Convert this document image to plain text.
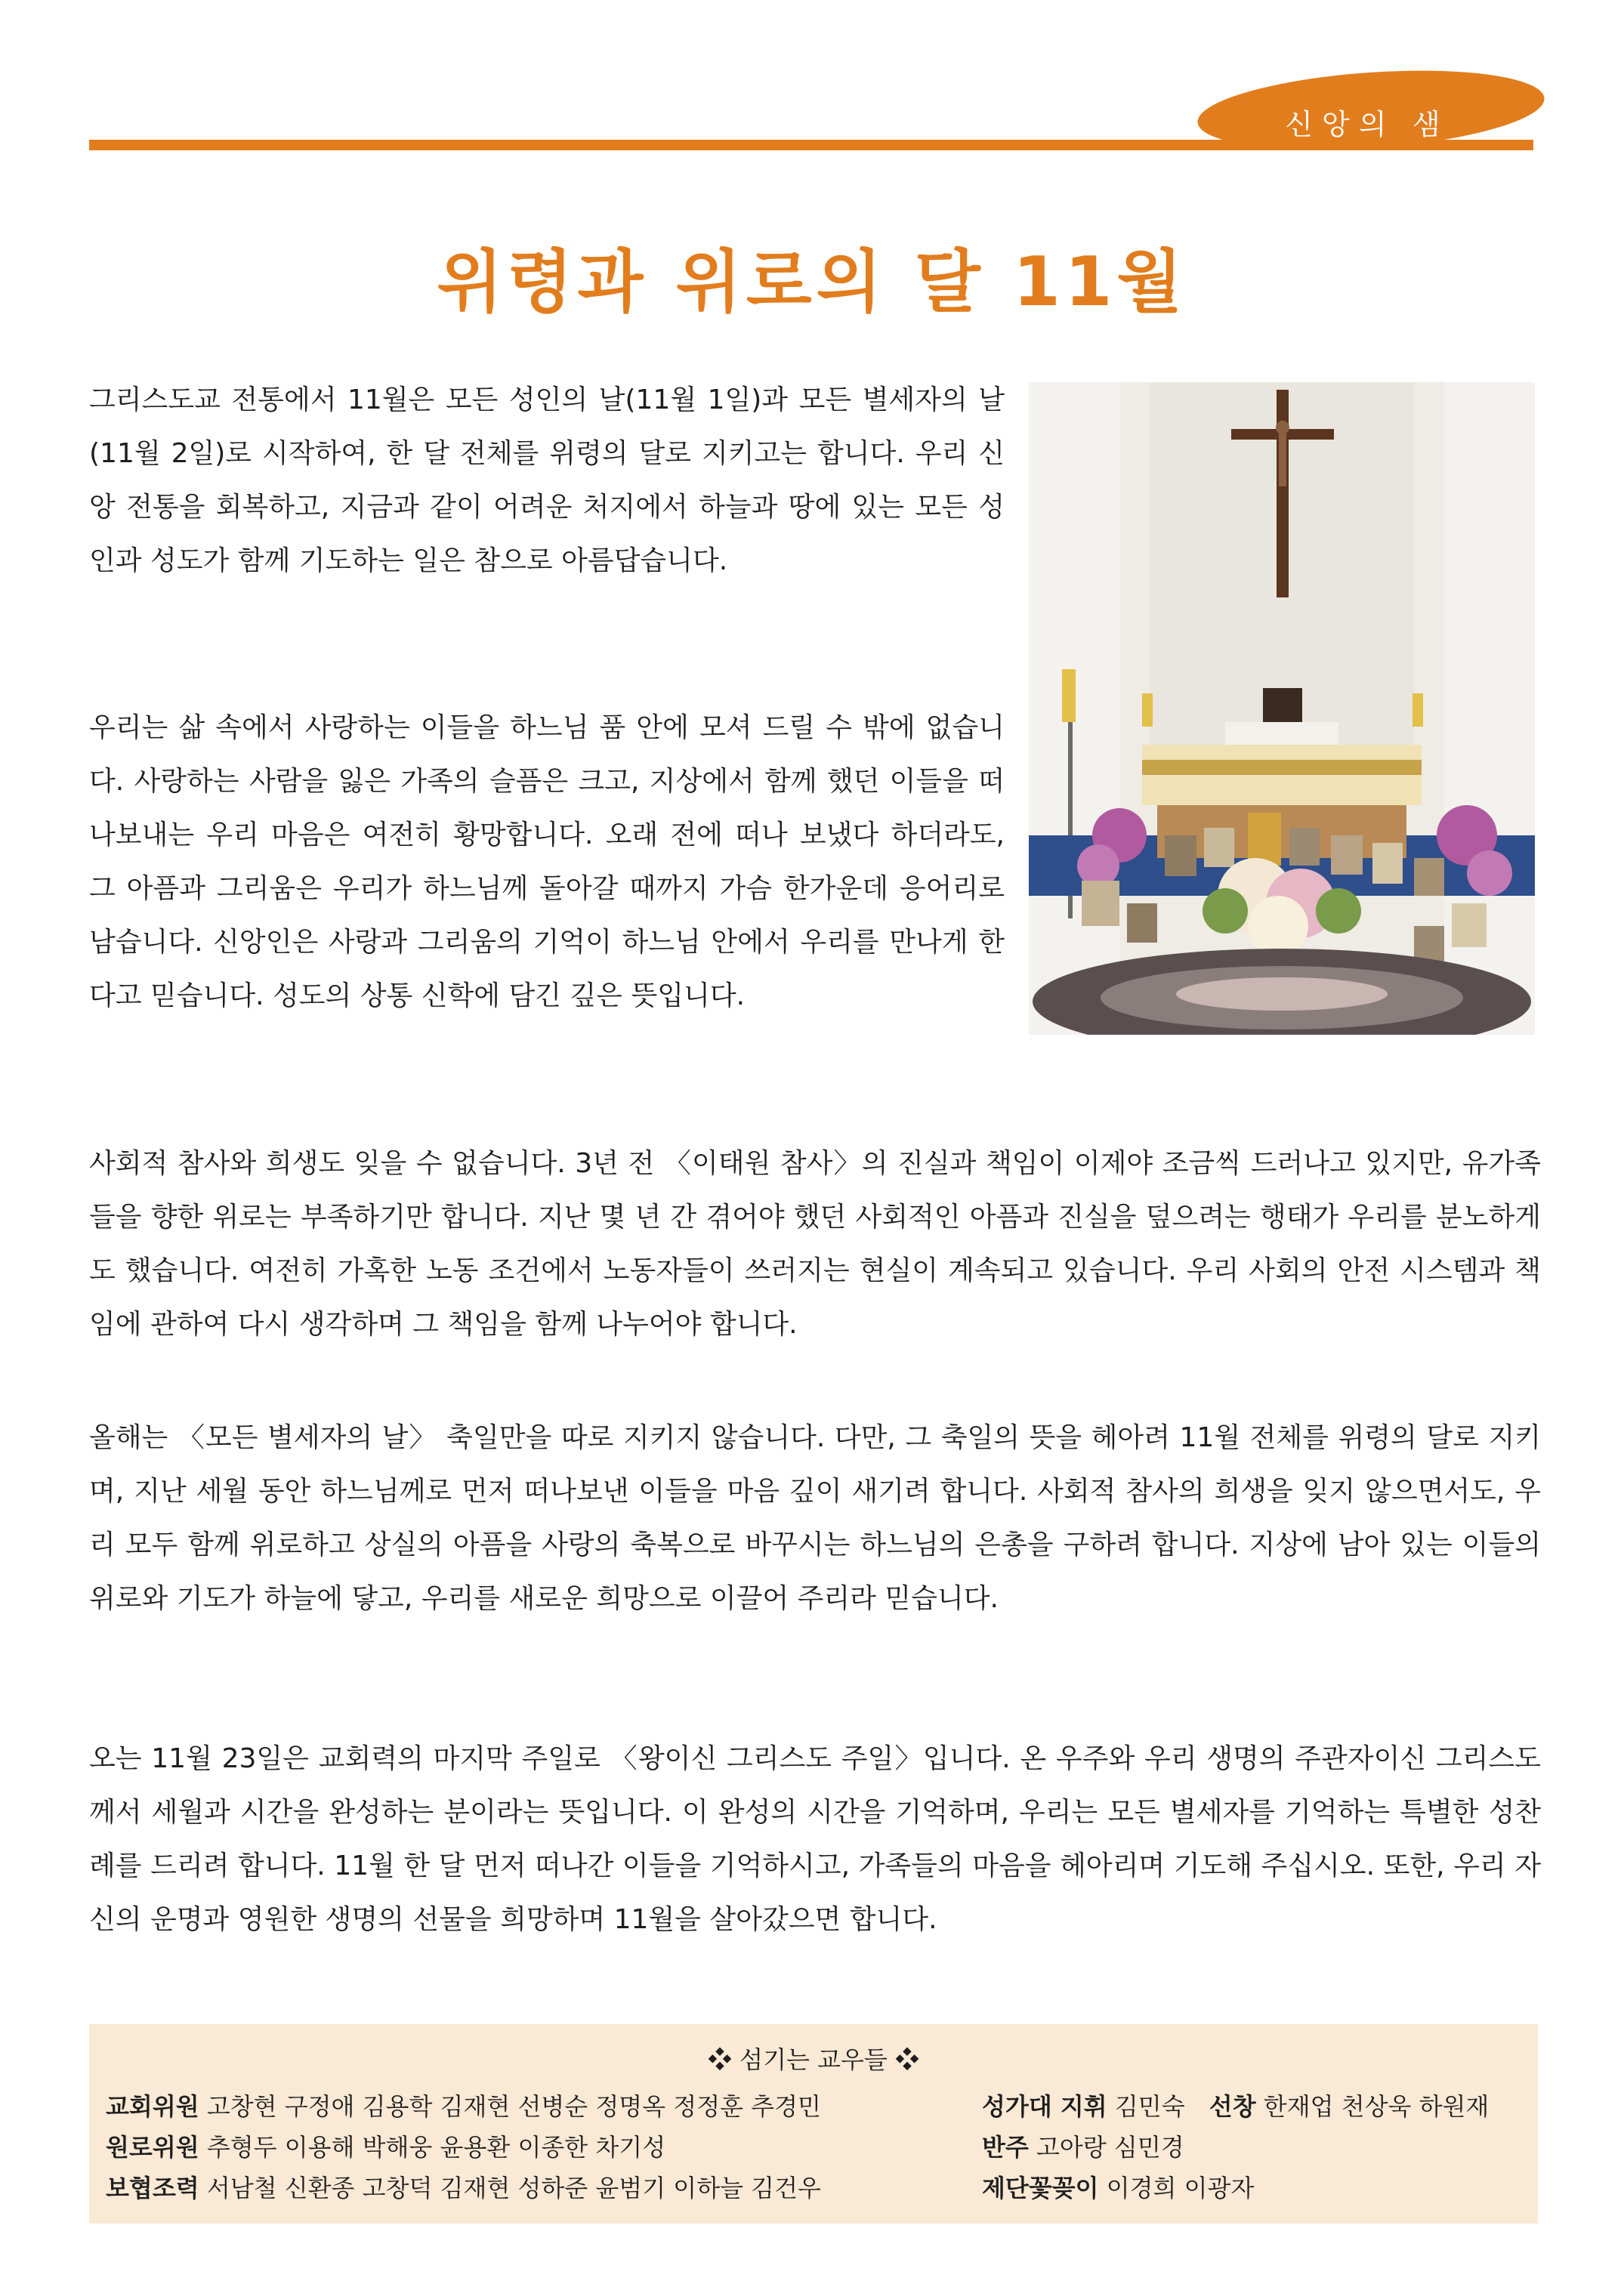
신앙의 샘
위령과 위로의 달 11월

그리스도교 전통에서 11월은 모든 성인의 날(11월 1일)과 모든 별세자의 날(11월 2일)로 시작하여, 한 달 전체를 위령의 달로 지키고는 합니다. 우리 신앙 전통을 회복하고, 지금과 같이 어려운 처지에서 하늘과 땅에 있는 모든 성인과 성도가 함께 기도하는 일은 참으로 아름답습니다.

우리는 삶 속에서 사랑하는 이들을 하느님 품 안에 모셔 드릴 수 밖에 없습니다. 사랑하는 사람을 잃은 가족의 슬픔은 크고, 지상에서 함께 했던 이들을 떠나보내는 우리 마음은 여전히 황망합니다. 오래 전에 떠나 보냈다 하더라도, 그 아픔과 그리움은 우리가 하느님께 돌아갈 때까지 가슴 한가운데 응어리로 남습니다. 신앙인은 사랑과 그리움의 기억이 하느님 안에서 우리를 만나게 한다고 믿습니다. 성도의 상통 신학에 담긴 깊은 뜻입니다.

사회적 참사와 희생도 잊을 수 없습니다. 3년 전 〈이태원 참사〉의 진실과 책임이 이제야 조금씩 드러나고 있지만, 유가족들을 향한 위로는 부족하기만 합니다. 지난 몇 년 간 겪어야 했던 사회적인 아픔과 진실을 덮으려는 행태가 우리를 분노하게도 했습니다. 여전히 가혹한 노동 조건에서 노동자들이 쓰러지는 현실이 계속되고 있습니다. 우리 사회의 안전 시스템과 책임에 관하여 다시 생각하며 그 책임을 함께 나누어야 합니다.

올해는 〈모든 별세자의 날〉 축일만을 따로 지키지 않습니다. 다만, 그 축일의 뜻을 헤아려 11월 전체를 위령의 달로 지키며, 지난 세월 동안 하느님께로 먼저 떠나보낸 이들을 마음 깊이 새기려 합니다. 사회적 참사의 희생을 잊지 않으면서도, 우리 모두 함께 위로하고 상실의 아픔을 사랑의 축복으로 바꾸시는 하느님의 은총을 구하려 합니다. 지상에 남아 있는 이들의 위로와 기도가 하늘에 닿고, 우리를 새로운 희망으로 이끌어 주리라 믿습니다.

오는 11월 23일은 교회력의 마지막 주일로 〈왕이신 그리스도 주일〉입니다. 온 우주와 우리 생명의 주관자이신 그리스도께서 세월과 시간을 완성하는 분이라는 뜻입니다. 이 완성의 시간을 기억하며, 우리는 모든 별세자를 기억하는 특별한 성찬례를 드리려 합니다. 11월 한 달 먼저 떠나간 이들을 기억하시고, 가족들의 마음을 헤아리며 기도해 주십시오. 또한, 우리 자신의 운명과 영원한 생명의 선물을 희망하며 11월을 살아갔으면 합니다.

❖ 섬기는 교우들 ❖
교회위원 고창현 구정애 김용학 김재현 선병순 정명옥 정정훈 추경민
원로위원 추형두 이용해 박해웅 윤용환 이종한 차기성
보협조력 서남철 신환종 고창덕 김재현 성하준 윤범기 이하늘 김건우
성가대 지휘 김민숙 선창 한재업 천상욱 하원재
반주 고아랑 심민경
제단꽃꽂이 이경희 이광자
